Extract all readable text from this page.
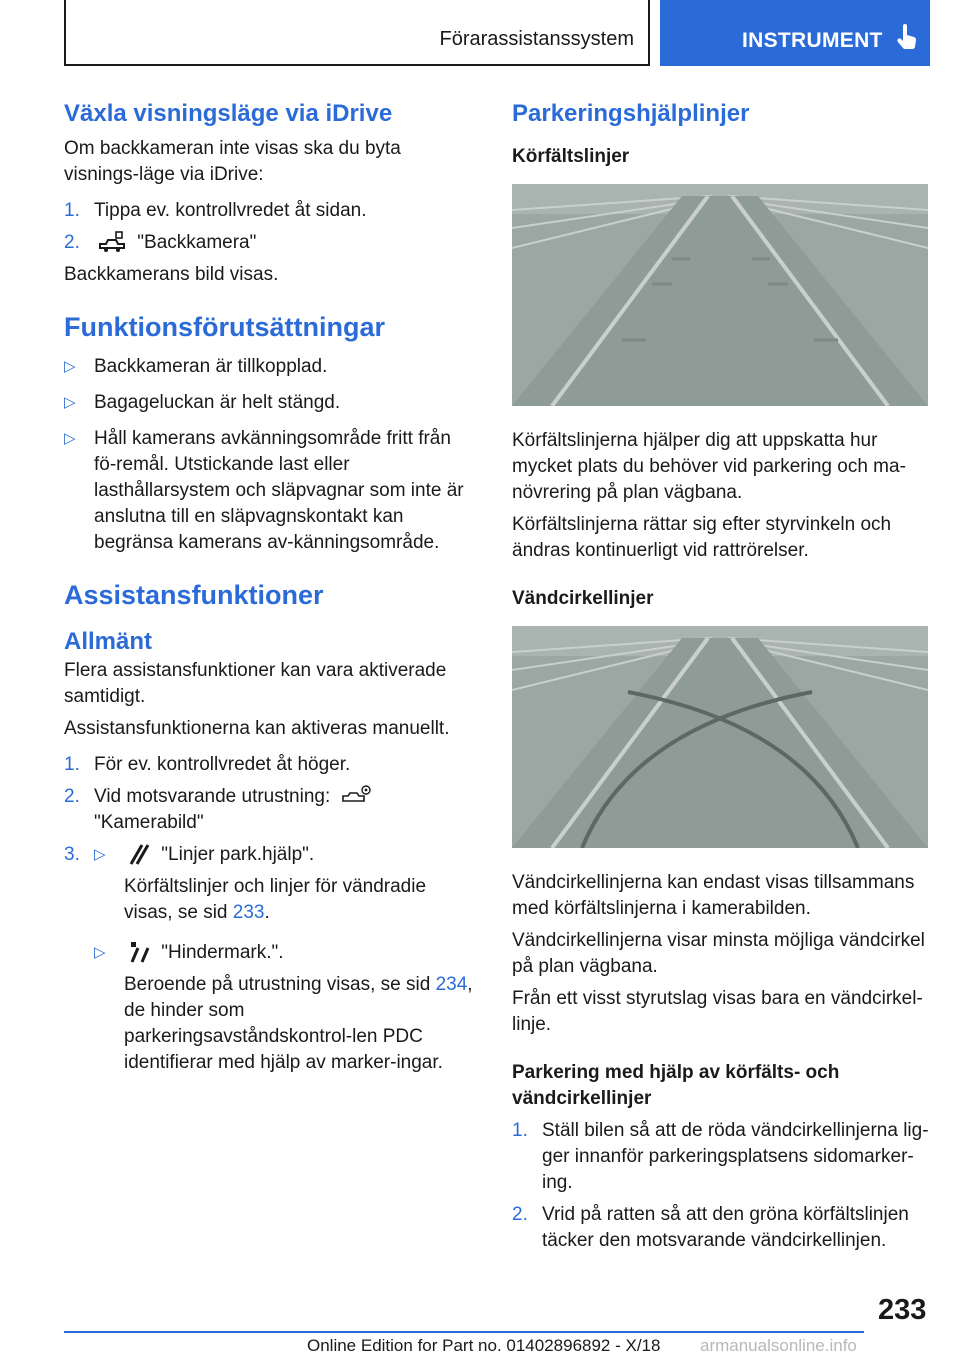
Förarassistanssystem	INSTRUMENT
Växla visningsläge via iDrive

Om backkameran inte visas ska du byta visnings-läge via iDrive:

1. Tippa ev. kontrollvredet åt sidan.
2.	"Backkamera"

Backkamerans bild visas.

Funktionsförutsättningar
▷ Backkameran är tillkopplad.
▷ Bagageluckan är helt stängd.
▷ Håll kamerans avkänningsområde fritt från fö-remål. Utstickande last eller lasthållarsystem och släpvagnar som inte är anslutna till en släpvagnskontakt kan begränsa kamerans av-känningsområde.
Assistansfunktioner
Allmänt

Flera assistansfunktioner kan vara aktiverade samtidigt.

Assistansfunktionerna kan aktiveras manuellt.

1. För ev. kontrollvredet åt höger.
2. Vid motsvarande utrustning:
"Kamerabild"
3. ▷	"Linjer park.hjälp".

Körfältslinjer och linjer för vändradie visas, se sid 233.

▷	"Hindermark.".

Beroende på utrustning visas, se sid 234, de hinder som parkeringsavståndskontrol-len PDC identifierar med hjälp av marker-ingar.

Parkeringshjälplinjer
Körfältslinjer

Körfältslinjerna hjälper dig att uppskatta hur mycket plats du behöver vid parkering och ma-növrering på plan vägbana.

Körfältslinjerna rättar sig efter styrvinkeln och ändras kontinuerligt vid rattrörelser.

Vändcirkellinjer

Vändcirkellinjerna kan endast visas tillsammans med körfältslinjerna i kamerabilden.

Vändcirkellinjerna visar minsta möjliga vändcirkel på plan vägbana.

Från ett visst styrutslag visas bara en vändcirkel-linje.

Parkering med hjälp av körfälts- och vändcirkellinjer
1. Ställ bilen så att de röda vändcirkellinjerna lig-ger innanför parkeringsplatsens sidomarker-ing.
2. Vrid på ratten så att den gröna körfältslinjen täcker den motsvarande vändcirkellinjen.
233
Online Edition for Part no. 01402896892 - X/18 armanualsonline.info
